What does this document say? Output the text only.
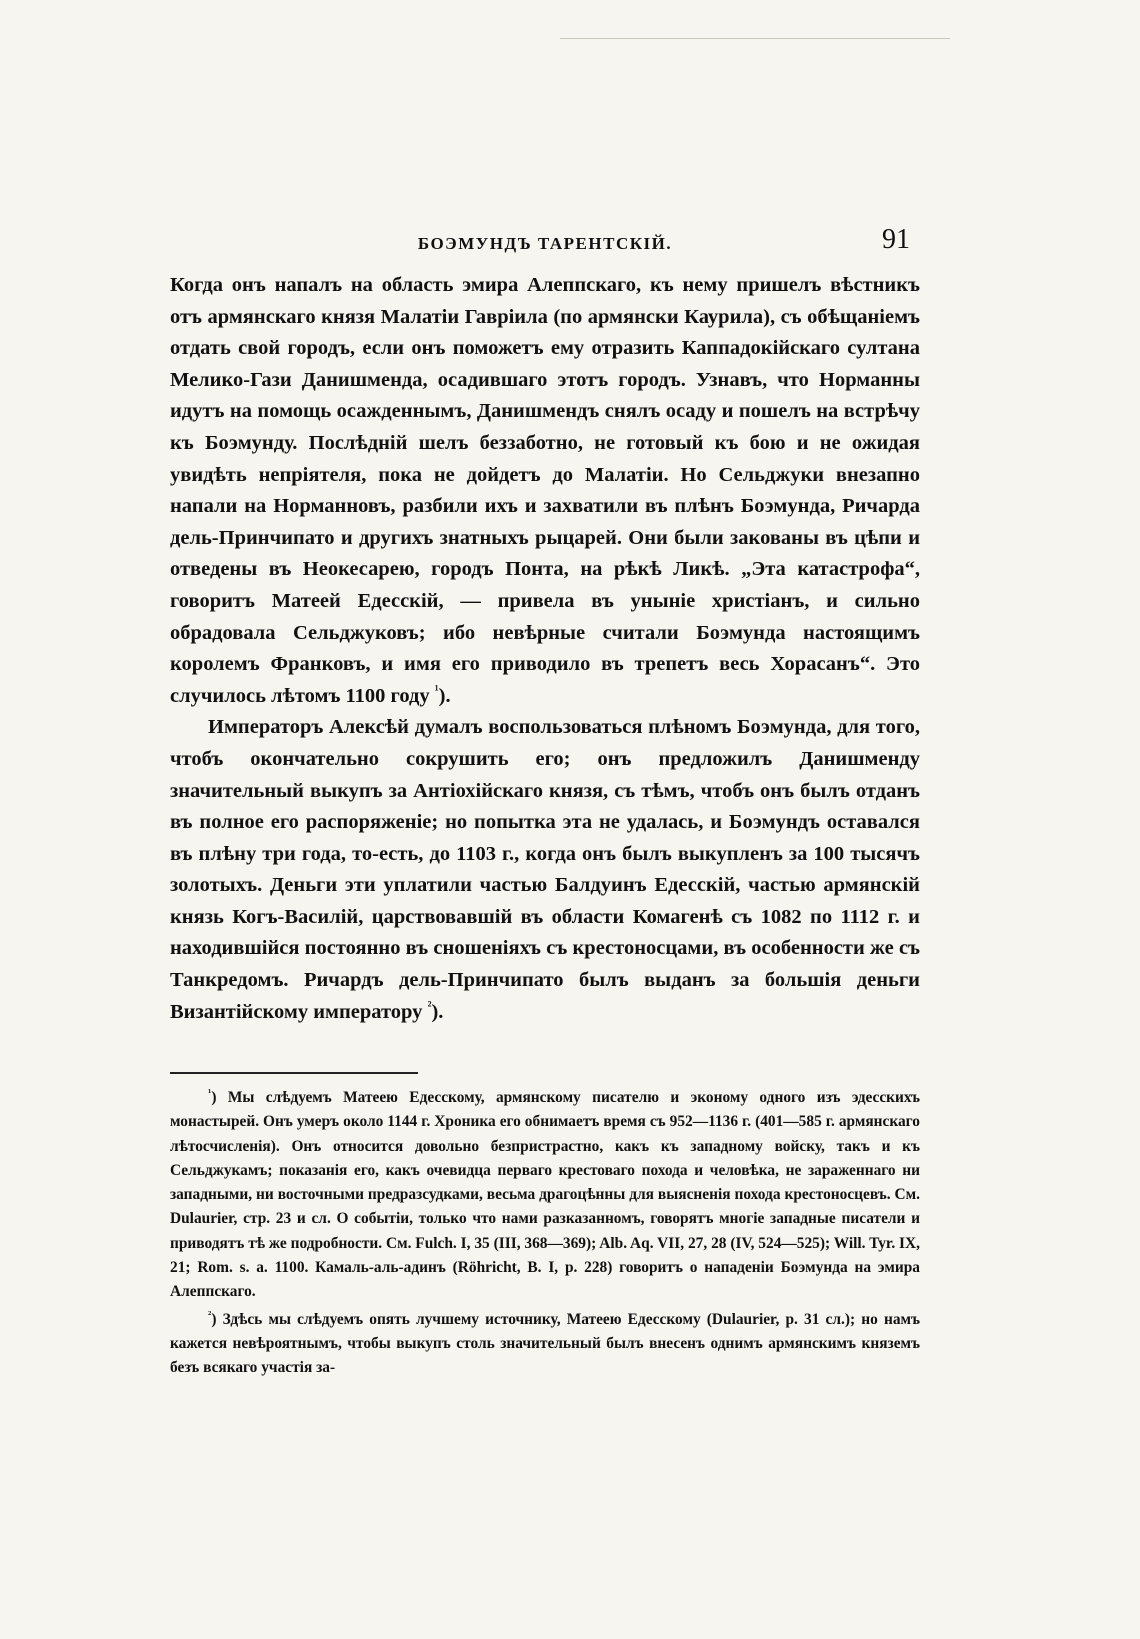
БОЭМУНДЪ ТАРЕНТСКІЙ.	91

Когда онъ напалъ на область эмира Алеппскаго, къ нему пришелъ вѣстникъ отъ армянскаго князя Малатіи Гавріила (по армянски Каурила), съ обѣщаніемъ отдать свой городъ, если онъ поможетъ ему отразить Каппадокійскаго султана Мелико-Гази Данишменда, осадившаго этотъ городъ. Узнавъ, что Норманны идутъ на помощь осажденнымъ, Данишмендъ снялъ осаду и пошелъ на встрѣчу къ Боэмунду. Послѣдній шелъ беззаботно, не готовый къ бою и не ожидая увидѣть непріятеля, пока не дойдетъ до Малатіи. Но Сельджуки внезапно напали на Норманновъ, разбили ихъ и захватили въ плѣнъ Боэмунда, Ричарда дель-Принчипато и другихъ знатныхъ рыцарей. Они были закованы въ цѣпи и отведены въ Неокесарею, городъ Понта, на рѣкѣ Ликѣ. „Эта катастрофа“, говоритъ Матеей Едесскій, — привела въ уныніе христіанъ, и сильно обрадовала Сельджуковъ; ибо невѣрные считали Боэмунда настоящимъ королемъ Франковъ, и имя его приводило въ трепетъ весь Хорасанъ“. Это случилось лѣтомъ 1100 году $^{^1}$).

Императоръ Алексѣй думалъ воспользоваться плѣномъ Боэмунда, для того, чтобъ окончательно сокрушить его; онъ предложилъ Данишменду значительный выкупъ за Антіохійскаго князя, съ тѣмъ, чтобъ онъ былъ отданъ въ полное его распоряженіе; но попытка эта не удалась, и Боэмундъ оставался въ плѣну три года, то-есть, до 1103 г., когда онъ былъ выкупленъ за 100 тысячъ золотыхъ. Деньги эти уплатили частью Балдуинъ Едесскій, частью армянскій князь Когъ-Василій, царствовавшій въ области Комагенѣ съ 1082 по 1112 г. и находившійся постоянно въ сношеніяхъ съ крестоносцами, въ особенности же съ Танкредомъ. Ричардъ дель-Принчипато былъ выданъ за большія деньги Византійскому императору $^{^2}$).

$^{^1}$) Мы слѣдуемъ Матеею Едесскому, армянскому писателю и эконому одного изъ эдесскихъ монастырей. Онъ умеръ около 1144 г. Хроника его обнимаетъ время съ 952—1136 г. (401—585 г. армянскаго лѣтосчисленія). Онъ относится довольно безпристрастно, какъ къ западному войску, такъ и къ Сельджукамъ; показанія его, какъ очевидца перваго крестоваго похода и человѣка, не зараженнаго ни западными, ни восточными предразсудками, весьма драгоцѣнны для выясненія похода крестоносцевъ. См. Dulaurier, стр. 23 и сл. О событіи, только что нами разказанномъ, говорятъ многіе западные писатели и приводятъ тѣ же подробности. См. Fulch. I, 35 (III, 368—369); Alb. Aq. VII, 27, 28 (IV, 524—525); Will. Tyr. IX, 21; Rom. s. a. 1100. Камаль-аль-адинъ (Röhricht, B. I, p. 228) говоритъ о нападеніи Боэмунда на эмира Алеппскаго.

$^{^2}$) Здѣсь мы слѣдуемъ опять лучшему источнику, Матеею Едесскому (Dulaurier, p. 31 сл.); но намъ кажется невѣроятнымъ, чтобы выкупъ столь значительный былъ внесенъ однимъ армянскимъ княземъ безъ всякаго участія за-
